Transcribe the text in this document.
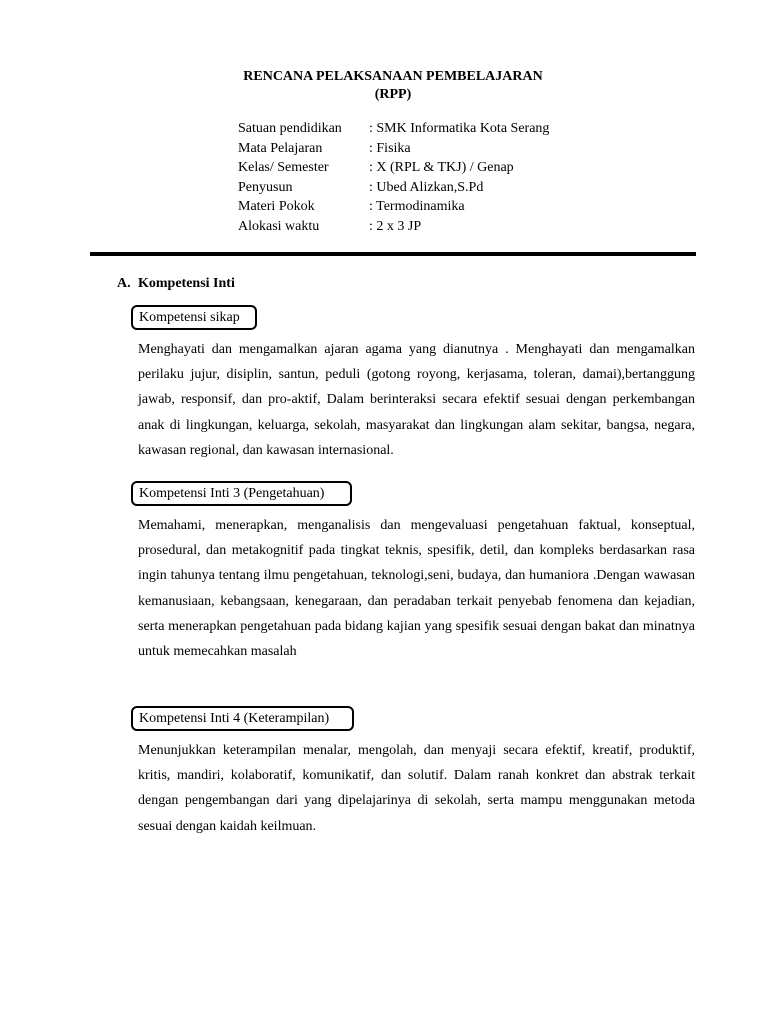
RENCANA PELAKSANAAN PEMBELAJARAN
(RPP)
Satuan pendidikan : SMK Informatika Kota Serang
Mata Pelajaran	: Fisika
Kelas/ Semester	: X (RPL & TKJ) / Genap
Penyusun	: Ubed Alizkan,S.Pd
Materi Pokok	: Termodinamika
Alokasi waktu	: 2 x 3 JP
A. Kompetensi Inti
Kompetensi sikap
Menghayati dan mengamalkan ajaran agama yang dianutnya . Menghayati dan mengamalkan perilaku jujur, disiplin, santun, peduli (gotong royong, kerjasama, toleran, damai),bertanggung jawab, responsif, dan pro-aktif, Dalam berinteraksi secara efektif sesuai dengan perkembangan anak di lingkungan, keluarga, sekolah, masyarakat dan lingkungan alam sekitar, bangsa, negara, kawasan regional, dan kawasan internasional.
Kompetensi Inti 3 (Pengetahuan)
Memahami, menerapkan, menganalisis dan mengevaluasi pengetahuan faktual, konseptual, prosedural, dan metakognitif pada tingkat teknis, spesifik, detil, dan kompleks berdasarkan rasa ingin tahunya tentang ilmu pengetahuan, teknologi,seni, budaya, dan humaniora .Dengan wawasan kemanusiaan, kebangsaan, kenegaraan, dan peradaban terkait penyebab fenomena dan kejadian, serta menerapkan pengetahuan pada bidang kajian yang spesifik sesuai dengan bakat dan minatnya untuk memecahkan masalah
Kompetensi Inti 4 (Keterampilan)
Menunjukkan keterampilan menalar, mengolah, dan menyaji secara efektif, kreatif, produktif, kritis, mandiri, kolaboratif, komunikatif, dan solutif. Dalam ranah konkret dan abstrak terkait dengan pengembangan dari yang dipelajarinya di sekolah, serta mampu menggunakan metoda sesuai dengan kaidah keilmuan.
